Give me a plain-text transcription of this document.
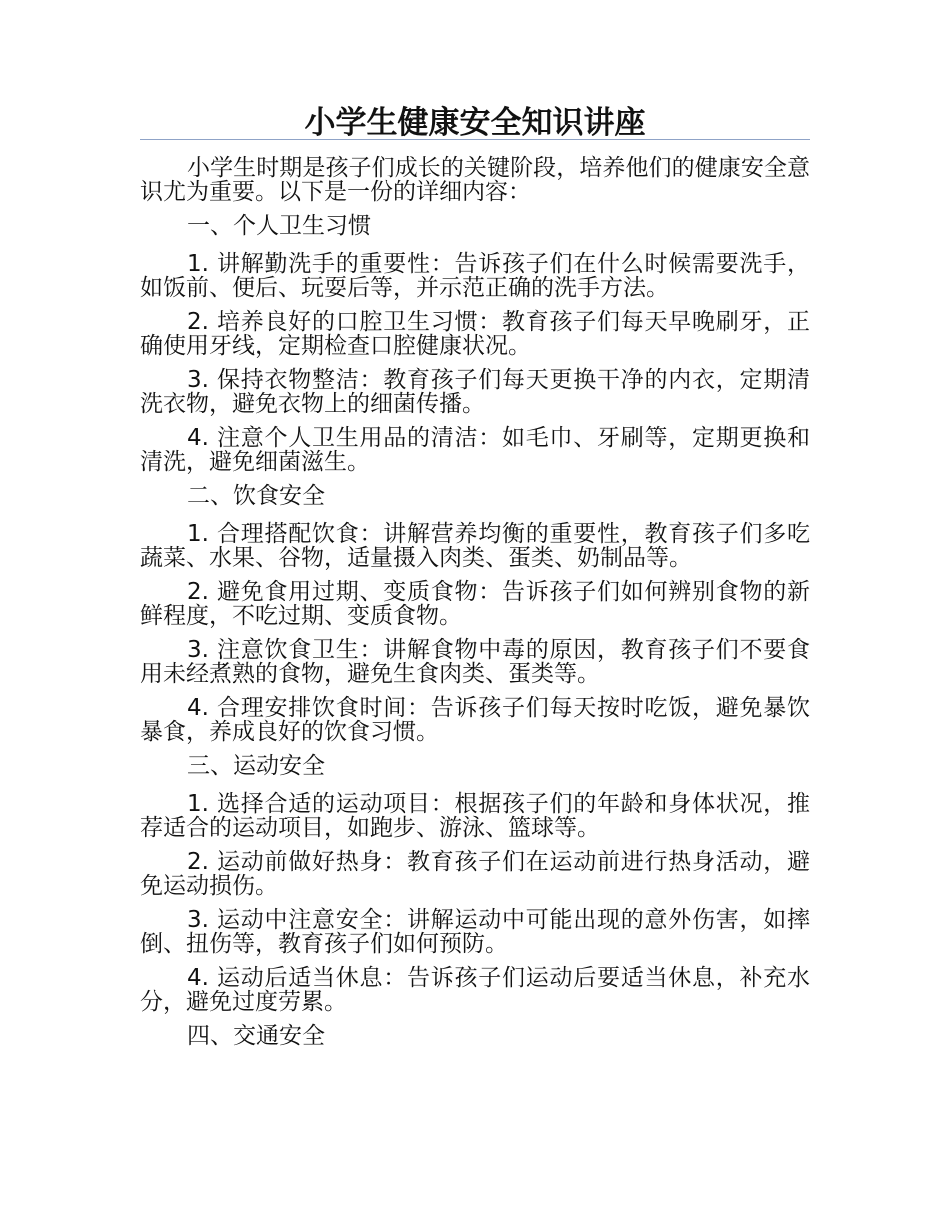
小学生健康安全知识讲座

小学生时期是孩子们成长的关键阶段，培养他们的健康安全意识尤为重要。以下是一份的详细内容：

一、个人卫生习惯

1. 讲解勤洗手的重要性：告诉孩子们在什么时候需要洗手，如饭前、便后、玩耍后等，并示范正确的洗手方法。

2. 培养良好的口腔卫生习惯：教育孩子们每天早晚刷牙，正确使用牙线，定期检查口腔健康状况。

3. 保持衣物整洁：教育孩子们每天更换干净的内衣，定期清洗衣物，避免衣物上的细菌传播。

4. 注意个人卫生用品的清洁：如毛巾、牙刷等，定期更换和清洗，避免细菌滋生。

二、饮食安全

1. 合理搭配饮食：讲解营养均衡的重要性，教育孩子们多吃蔬菜、水果、谷物，适量摄入肉类、蛋类、奶制品等。

2. 避免食用过期、变质食物：告诉孩子们如何辨别食物的新鲜程度，不吃过期、变质食物。

3. 注意饮食卫生：讲解食物中毒的原因，教育孩子们不要食用未经煮熟的食物，避免生食肉类、蛋类等。

4. 合理安排饮食时间：告诉孩子们每天按时吃饭，避免暴饮暴食，养成良好的饮食习惯。

三、运动安全

1. 选择合适的运动项目：根据孩子们的年龄和身体状况，推荐适合的运动项目，如跑步、游泳、篮球等。

2. 运动前做好热身：教育孩子们在运动前进行热身活动，避免运动损伤。

3. 运动中注意安全：讲解运动中可能出现的意外伤害，如摔倒、扭伤等，教育孩子们如何预防。

4. 运动后适当休息：告诉孩子们运动后要适当休息，补充水分，避免过度劳累。

四、交通安全
